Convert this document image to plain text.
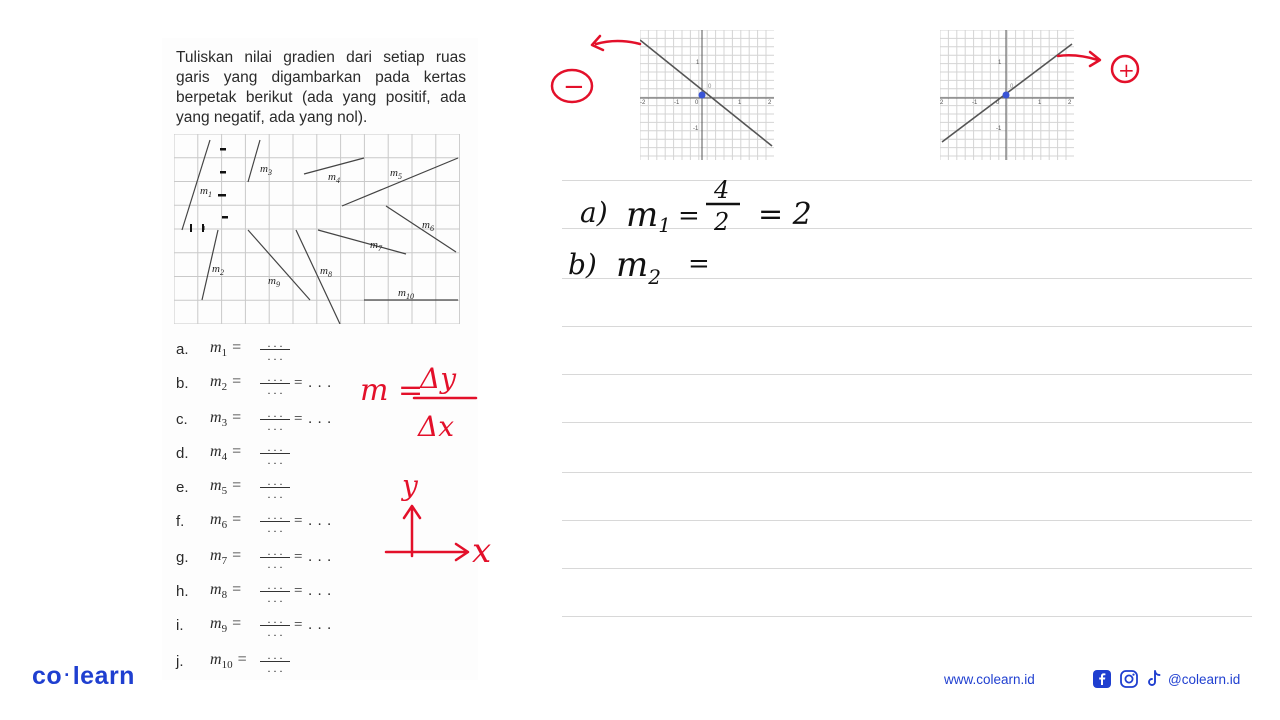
Tuliskan nilai gradien dari setiap ruas garis yang digambarkan pada kertas berpetak berikut (ada yang positif, ada yang negatif, ada yang nol).
$m_1$
$m_3$	$m_4$
$m_5$
$m_6$
$m_7$
$m_2$	$m_8$
$m_9$
$m_{10}$
a.	$m_1$ =	$\frac{. . .}{. . .}$
b.	$m_2$ =	$\frac{. . .}{. . .}$ = . . .
c.	$m_3$ =	$\frac{. . .}{. . .}$ = . . .
d.	$m_4$ =	$\frac{. . .}{. . .}$
e.	$m_5$ =	$\frac{. . .}{. . .}$
f.	$m_6$ =	$\frac{. . .}{. . .}$ = . . .
g.	$m_7$ =	$\frac{. . .}{. . .}$ = . . .
h.	$m_8$ =	$\frac{. . .}{. . .}$ = . . .
i.	$m_9$ =	$\frac{. . .}{. . .}$ = . . .
j.	$m_{10}$ =	$\frac{. . .}{. . .}$
-2	-1	0	1	2
1
-1
0
2	-1	0	1	2
1
-1
0
−
+
m =
Δy
Δx
y
x
a) m1 =
4
2 = 2
b) $m_2$ =
co ·learn	www.colearn.id	@colearn.id
